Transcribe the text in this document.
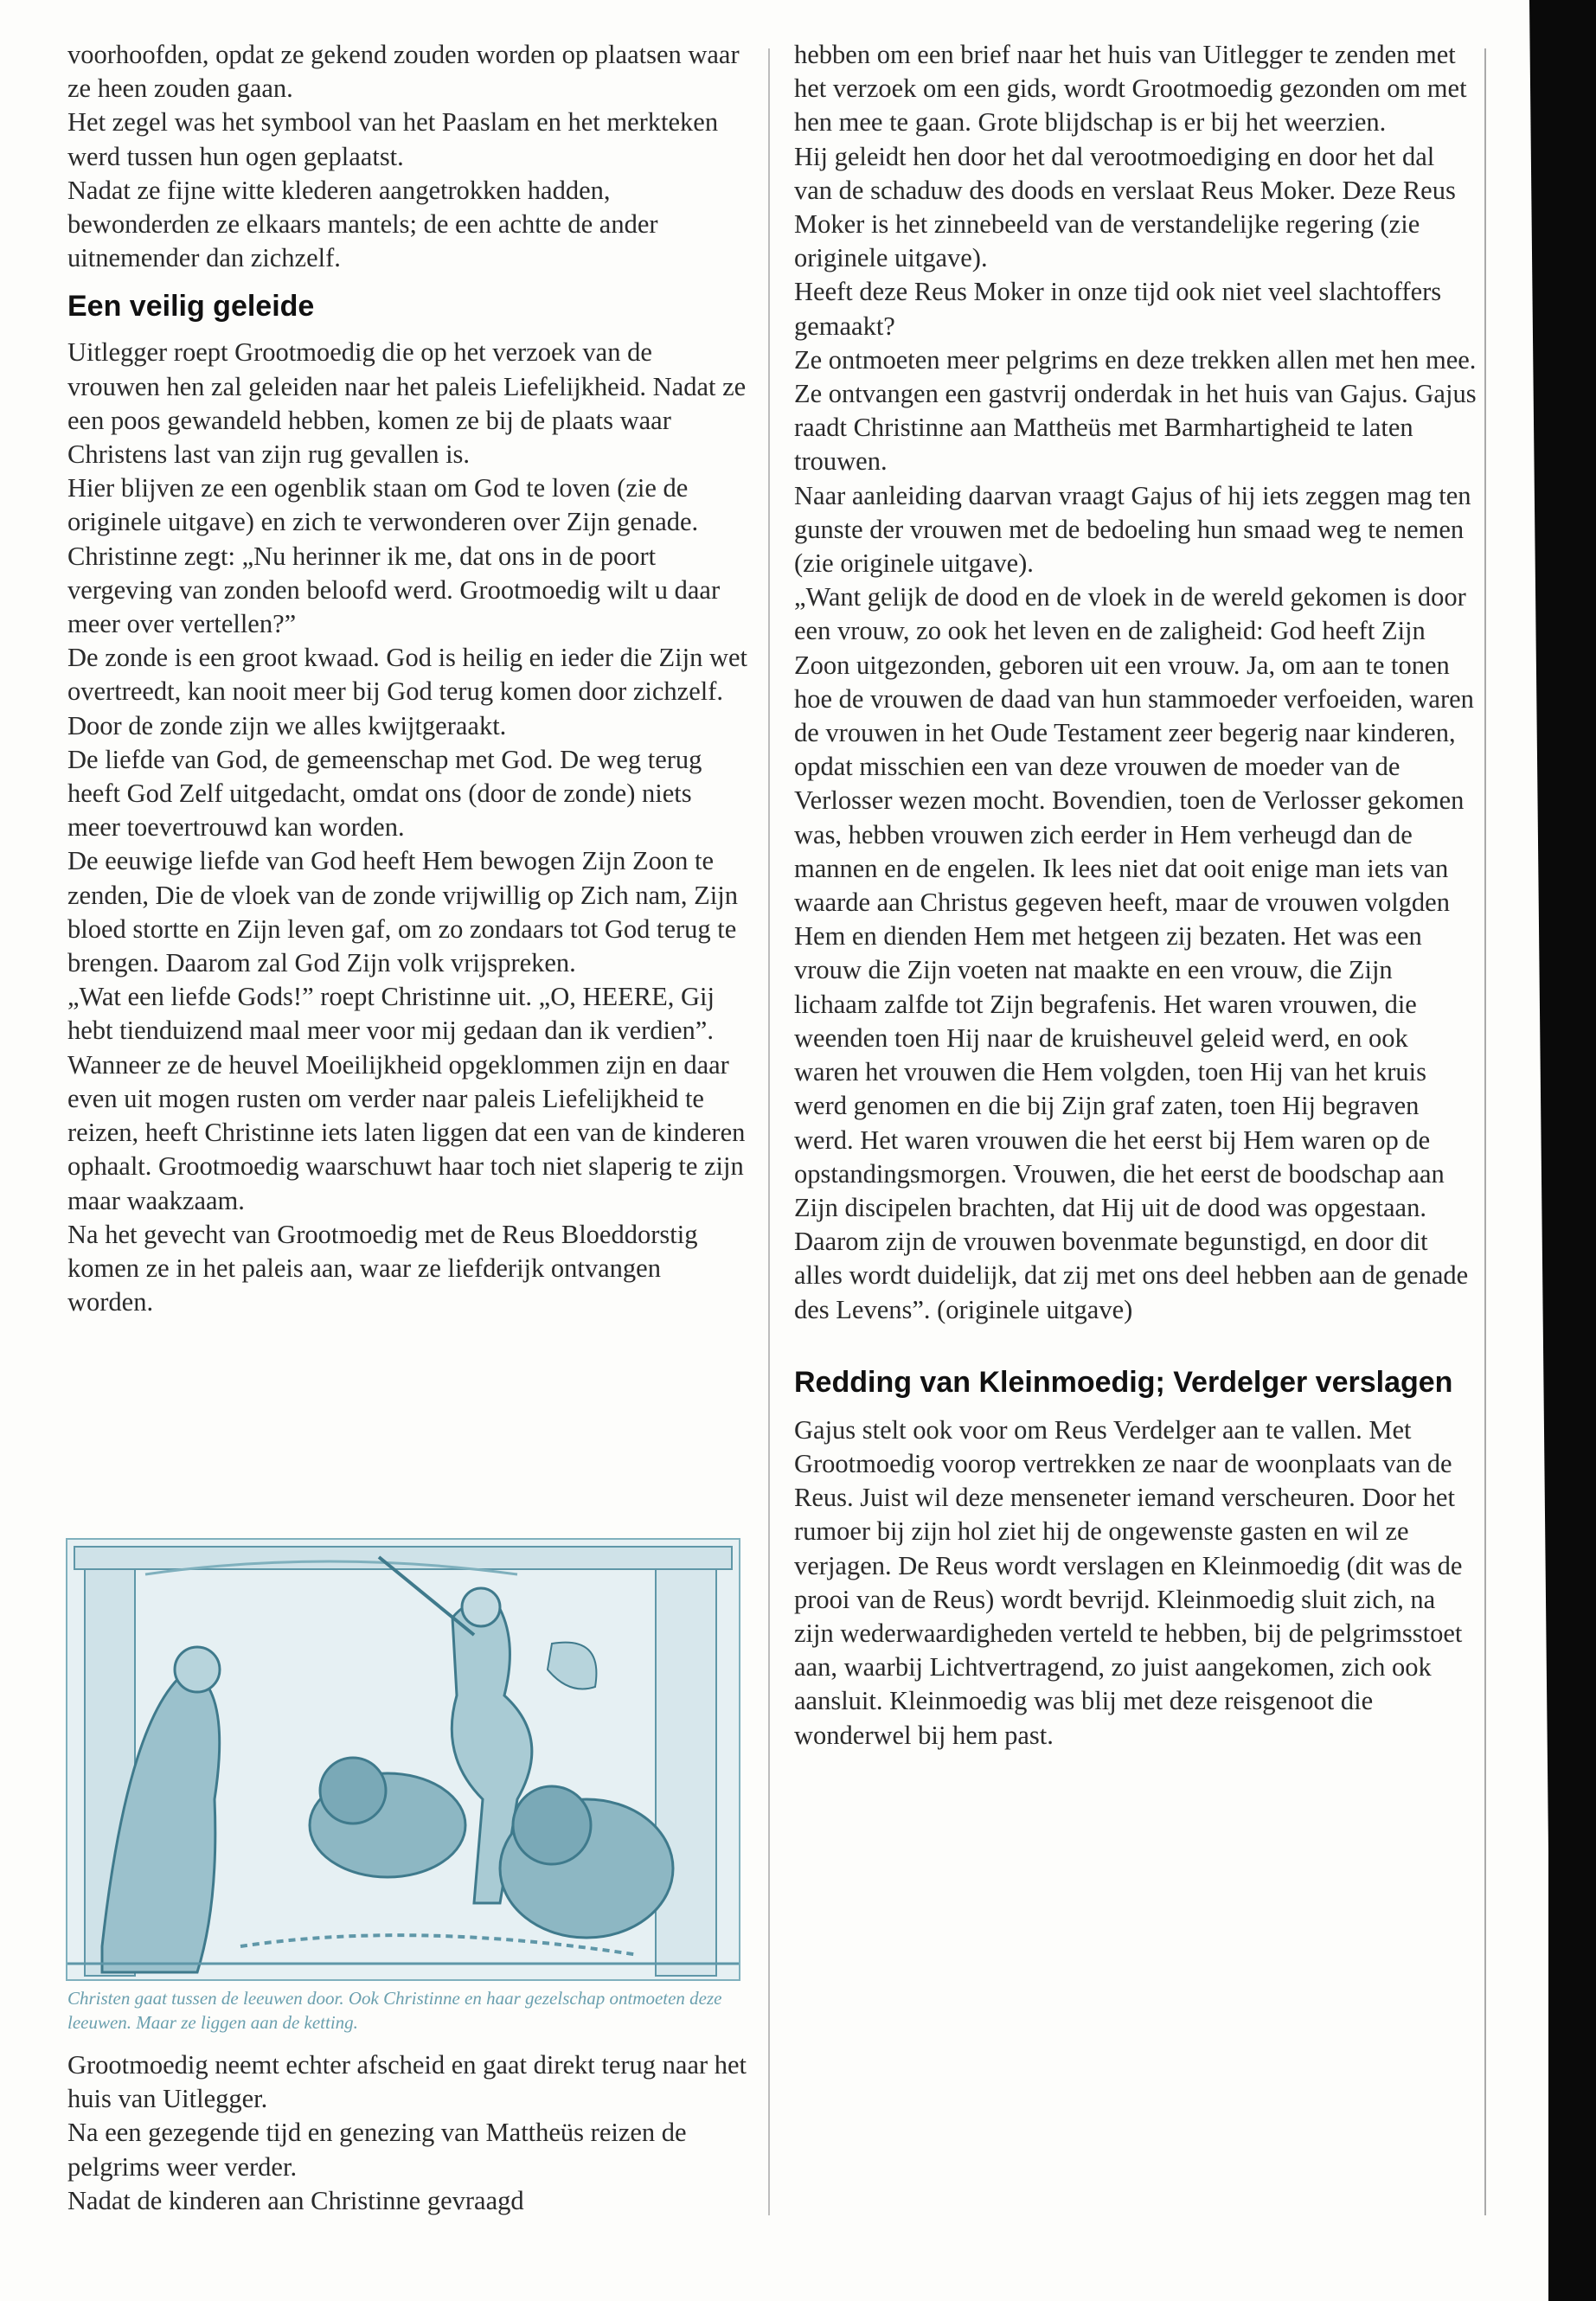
voorhoofden, opdat ze gekend zouden worden op plaatsen waar ze heen zouden gaan.

Het zegel was het symbool van het Paaslam en het merkteken werd tussen hun ogen geplaatst.

Nadat ze fijne witte klederen aangetrokken hadden, bewonderden ze elkaars mantels; de een achtte de ander uitnemender dan zichzelf.

Een veilig geleide

Uitlegger roept Grootmoedig die op het verzoek van de vrouwen hen zal geleiden naar het paleis Liefelijkheid. Nadat ze een poos gewandeld hebben, komen ze bij de plaats waar Christens last van zijn rug gevallen is.

Hier blijven ze een ogenblik staan om God te loven (zie de originele uitgave) en zich te verwonderen over Zijn genade.

Christinne zegt: „Nu herinner ik me, dat ons in de poort vergeving van zonden beloofd werd. Grootmoedig wilt u daar meer over vertellen?”

De zonde is een groot kwaad. God is heilig en ieder die Zijn wet overtreedt, kan nooit meer bij God terug komen door zichzelf. Door de zonde zijn we alles kwijtgeraakt.

De liefde van God, de gemeenschap met God. De weg terug heeft God Zelf uitgedacht, omdat ons (door de zonde) niets meer toevertrouwd kan worden.

De eeuwige liefde van God heeft Hem bewogen Zijn Zoon te zenden, Die de vloek van de zonde vrijwillig op Zich nam, Zijn bloed stortte en Zijn leven gaf, om zo zondaars tot God terug te brengen. Daarom zal God Zijn volk vrijspreken.

„Wat een liefde Gods!” roept Christinne uit. „O, HEERE, Gij hebt tienduizend maal meer voor mij gedaan dan ik verdien”.

Wanneer ze de heuvel Moeilijkheid opgeklommen zijn en daar even uit mogen rusten om verder naar paleis Liefelijkheid te reizen, heeft Christinne iets laten liggen dat een van de kinderen ophaalt. Grootmoedig waarschuwt haar toch niet slaperig te zijn maar waakzaam.

Na het gevecht van Grootmoedig met de Reus Bloeddorstig komen ze in het paleis aan, waar ze liefderijk ontvangen worden.

Christen gaat tussen de leeuwen door. Ook Christinne en haar gezelschap ontmoeten deze leeuwen. Maar ze liggen aan de ketting.

Grootmoedig neemt echter afscheid en gaat direkt terug naar het huis van Uitlegger.

Na een gezegende tijd en genezing van Mattheüs reizen de pelgrims weer verder.

Nadat de kinderen aan Christinne gevraagd

hebben om een brief naar het huis van Uitlegger te zenden met het verzoek om een gids, wordt Grootmoedig gezonden om met hen mee te gaan. Grote blijdschap is er bij het weerzien.

Hij geleidt hen door het dal verootmoediging en door het dal van de schaduw des doods en verslaat Reus Moker. Deze Reus Moker is het zinnebeeld van de verstandelijke regering (zie originele uitgave).

Heeft deze Reus Moker in onze tijd ook niet veel slachtoffers gemaakt?

Ze ontmoeten meer pelgrims en deze trekken allen met hen mee. Ze ontvangen een gastvrij onderdak in het huis van Gajus. Gajus raadt Christinne aan Mattheüs met Barmhartigheid te laten trouwen.

Naar aanleiding daarvan vraagt Gajus of hij iets zeggen mag ten gunste der vrouwen met de bedoeling hun smaad weg te nemen (zie originele uitgave).

„Want gelijk de dood en de vloek in de wereld gekomen is door een vrouw, zo ook het leven en de zaligheid: God heeft Zijn Zoon uitgezonden, geboren uit een vrouw. Ja, om aan te tonen hoe de vrouwen de daad van hun stammoeder verfoeiden, waren de vrouwen in het Oude Testament zeer begerig naar kinderen, opdat misschien een van deze vrouwen de moeder van de Verlosser wezen mocht. Bovendien, toen de Verlosser gekomen was, hebben vrouwen zich eerder in Hem verheugd dan de mannen en de engelen. Ik lees niet dat ooit enige man iets van waarde aan Christus gegeven heeft, maar de vrouwen volgden Hem en dienden Hem met hetgeen zij bezaten. Het was een vrouw die Zijn voeten nat maakte en een vrouw, die Zijn lichaam zalfde tot Zijn begrafenis. Het waren vrouwen, die weenden toen Hij naar de kruisheuvel geleid werd, en ook waren het vrouwen die Hem volgden, toen Hij van het kruis werd genomen en die bij Zijn graf zaten, toen Hij begraven werd. Het waren vrouwen die het eerst bij Hem waren op de opstandingsmorgen. Vrouwen, die het eerst de boodschap aan Zijn discipelen brachten, dat Hij uit de dood was opgestaan. Daarom zijn de vrouwen bovenmate begunstigd, en door dit alles wordt duidelijk, dat zij met ons deel hebben aan de genade des Levens”. (originele uitgave)

Redding van Kleinmoedig; Verdelger verslagen

Gajus stelt ook voor om Reus Verdelger aan te vallen. Met Grootmoedig voorop vertrekken ze naar de woonplaats van de Reus. Juist wil deze menseneter iemand verscheuren. Door het rumoer bij zijn hol ziet hij de ongewenste gasten en wil ze verjagen. De Reus wordt verslagen en Kleinmoedig (dit was de prooi van de Reus) wordt bevrijd. Kleinmoedig sluit zich, na zijn wederwaardigheden verteld te hebben, bij de pelgrimsstoet aan, waarbij Lichtvertragend, zo juist aangekomen, zich ook aansluit. Kleinmoedig was blij met deze reisgenoot die wonderwel bij hem past.
